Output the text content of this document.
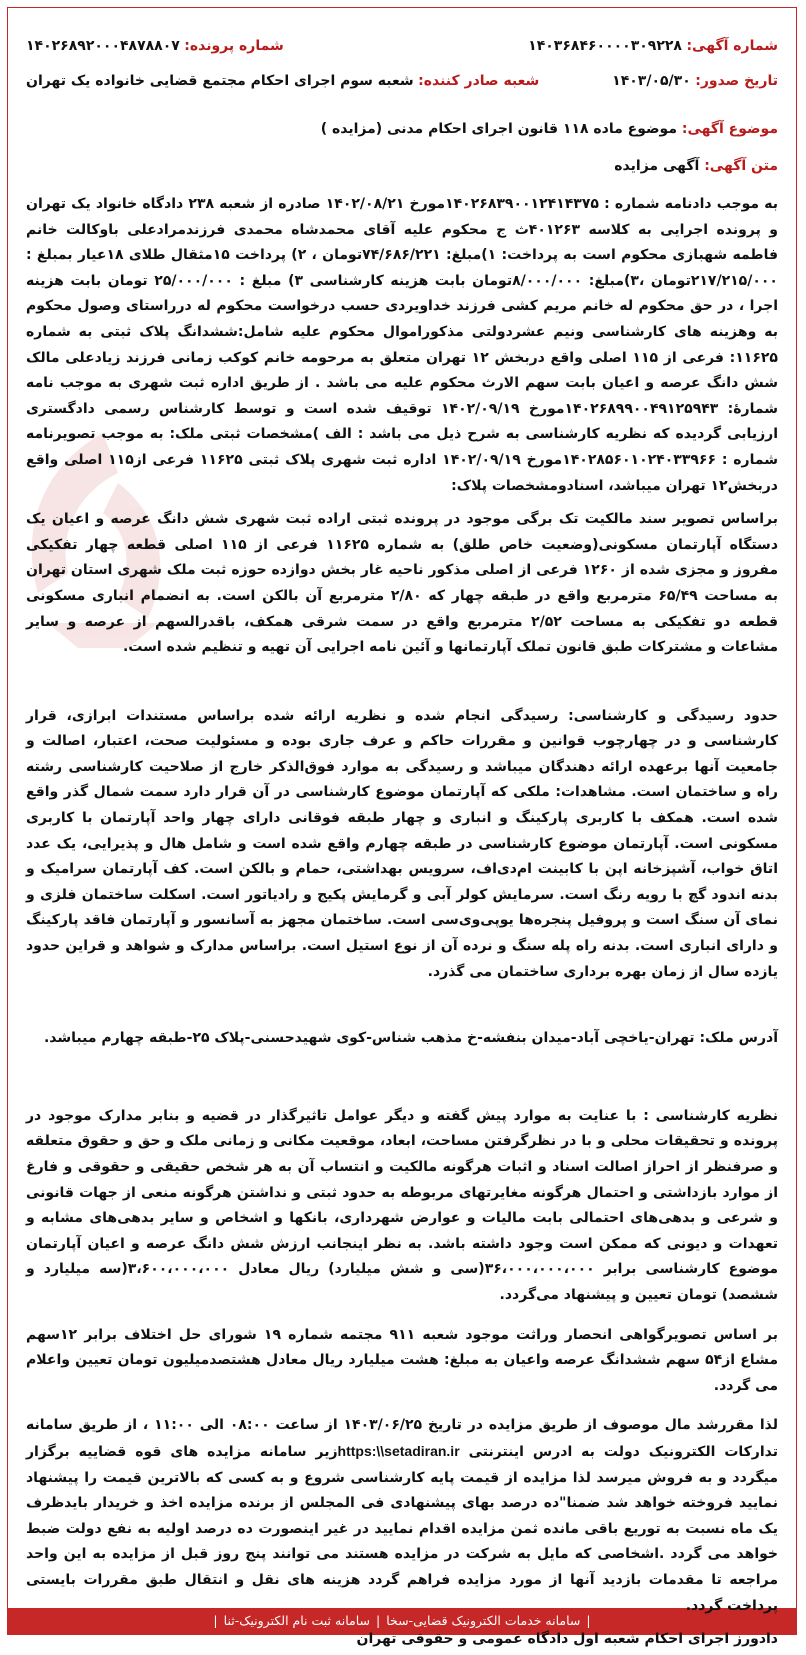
شماره آگهی: ۱۴۰۳۶۸۴۶۰۰۰۰۳۰۹۲۲۸
شماره پرونده: ۱۴۰۲۶۸۹۲۰۰۰۴۸۷۸۸۰۷
تاریخ صدور: ۱۴۰۳/۰۵/۳۰
شعبه صادر کننده: شعبه سوم اجرای احکام مجتمع قضایی خانواده یک تهران
موضوع آگهی: موضوع ماده ۱۱۸ قانون اجرای احکام مدنی (مزایده )
متن آگهی: آگهی مزایده

به موجب دادنامه شماره : ۱۴۰۲۶۸۳۹۰۰۱۲۴۱۴۳۷۵مورخ ۱۴۰۲/۰۸/۲۱ صادره از شعبه ۲۳۸ دادگاه خانواد یک تهران و پرونده اجرایی به کلاسه ۴۰۱۲۶۳ث ج محکوم علیه آقای محمدشاه محمدی فرزندمرادعلی باوکالت خانم فاطمه شهبازی محکوم است به پرداخت: ۱)مبلغ: ۷۴/۶۸۶/۲۲۱تومان ، ۲) پرداخت ۱۵مثقال طلای ۱۸عیار بمبلغ : ۲۱۷/۲۱۵/۰۰۰تومان ،۳)مبلغ: ۸/۰۰۰/۰۰۰تومان بابت هزینه کارشناسی ۳) مبلغ : ۲۵/۰۰۰/۰۰۰ تومان بابت هزینه اجرا ، در حق محکوم له خانم مریم کشی فرزند خداویردی حسب درخواست محکوم له درراستای وصول محکوم به وهزینه های کارشناسی ونیم عشردولتی مذکوراموال محکوم علیه شامل:ششدانگ پلاک ثبتی به شماره ۱۱۶۲۵: فرعی از ۱۱۵ اصلی واقع دربخش ۱۲ تهران متعلق به مرحومه خانم کوکب زمانی فرزند زیادعلی مالک شش دانگ عرصه و اعیان بابت سهم الارث محکوم علیه می باشد . از طریق اداره ثبت شهری به موجب نامه شمارۀ: ۱۴۰۲۶۸۹۹۰۰۴۹۱۲۵۹۴۳مورخ ۱۴۰۲/۰۹/۱۹ توقیف شده است و توسط کارشناس رسمی دادگستری ارزیابی گردیده که نظریه کارشناسی به شرح ذیل می باشد : الف )مشخصات ثبتی ملک: به موجب تصویرنامه شماره : ۱۴۰۲۸۵۶۰۱۰۲۴۰۳۳۹۶۶مورخ ۱۴۰۲/۰۹/۱۹ اداره ثبت شهری پلاک ثبتی ۱۱۶۲۵ فرعی از۱۱۵ اصلی واقع دربخش۱۲ تهران میباشد، اسنادومشخصات پلاک:

براساس تصویر سند مالکیت تک برگی موجود در پرونده ثبتی اراده ثبت شهری شش دانگ عرصه و اعیان یک دستگاه آپارتمان مسکونی(وضعیت خاص طلق) به شماره ۱۱۶۲۵ فرعی از ۱۱۵ اصلی قطعه چهار تفکیکی مفروز و مجزی شده از ۱۲۶۰ فرعی از اصلی مذکور ناحیه غار بخش دوازده حوزه ثبت ملک شهری استان تهران به مساحت ۶۵/۴۹ مترمربع واقع در طبقه چهار که ۲/۸۰ مترمربع آن بالکن است. به انضمام انباری مسکونی قطعه دو تفکیکی به مساحت ۲/۵۲ مترمربع واقع در سمت شرقی همکف، باقدرالسهم از عرصه و سایر مشاعات و مشترکات طبق قانون تملک آپارتمانها و آئین نامه اجرایی آن تهیه و تنظیم شده است.

حدود رسیدگی و کارشناسی: رسیدگی انجام شده و نظریه ارائه شده براساس مستندات ابرازی، قرار کارشناسی و در چهارچوب قوانین و مقررات حاکم و عرف جاری بوده و مسئولیت صحت، اعتبار، اصالت و جامعیت آنها برعهده ارائه دهندگان میباشد و رسیدگی به موارد فوق‌الذکر خارج از صلاحیت کارشناسی رشته راه و ساختمان است. مشاهدات: ملکی که آپارتمان موضوع کارشناسی در آن قرار دارد سمت شمال گذر واقع شده است. همکف با کاربری پارکینگ و انباری و چهار طبقه فوقانی دارای چهار واحد آپارتمان با کاربری مسکونی است. آپارتمان موضوع کارشناسی در طبقه چهارم واقع شده است و شامل هال و پذیرایی، یک عدد اتاق خواب، آشپزخانه اپن با کابینت ام‌دی‌اف، سرویس بهداشتی، حمام و بالکن است. کف آپارتمان سرامیک و بدنه اندود گچ با رویه رنگ است. سرمایش کولر آبی و گرمایش پکیج و رادیاتور است. اسکلت ساختمان فلزی و نمای آن سنگ است و پروفیل پنجره‌ها یوپی‌وی‌سی است. ساختمان مجهز به آسانسور و آپارتمان فاقد پارکینگ و دارای انباری است. بدنه راه پله سنگ و نرده آن از نوع استیل است. براساس مدارک و شواهد و قراین حدود یازده سال از زمان بهره برداری ساختمان می گذرد.

آدرس ملک: تهران-یاخچی آباد-میدان بنفشه-خ مذهب شناس-کوی شهیدحسنی-پلاک ۲۵-طبقه چهارم میباشد.

نظریه کارشناسی : با عنایت به موارد پیش گفته و دیگر عوامل تاثیرگذار در قضیه و بنابر مدارک موجود در پرونده و تحقیقات محلی و با در نظرگرفتن مساحت، ابعاد، موقعیت مکانی و زمانی ملک و حق و حقوق متعلقه و صرفنظر از احراز اصالت اسناد و اثبات هرگونه مالکیت و انتساب آن به هر شخص حقیقی و حقوقی و فارغ از موارد بازداشتی و احتمال هرگونه مغایرتهای مربوطه به حدود ثبتی و نداشتن هرگونه منعی از جهات قانونی و شرعی و بدهی‌های احتمالی بابت مالیات و عوارض شهرداری، بانکها و اشخاص و سایر بدهی‌های مشابه و تعهدات و دیونی که ممکن است وجود داشته باشد. به نظر اینجانب ارزش شش دانگ عرصه و اعیان آپارتمان موضوع کارشناسی برابر ۳۶،۰۰۰،۰۰۰،۰۰۰(سی و شش میلیارد) ریال معادل ۳،۶۰۰،۰۰۰،۰۰۰(سه میلیارد و ششصد) تومان تعیین و پیشنهاد می‌گردد.

بر اساس تصویرگواهی انحصار وراثت موجود شعبه ۹۱۱ مجتمه شماره ۱۹ شورای حل اختلاف برابر ۱۲سهم مشاع از۵۴ سهم ششدانگ عرصه واعیان به مبلغ: هشت میلیارد ریال معادل هشتصدمیلیون تومان تعیین واعلام می گردد.

لذا مقررشد مال موصوف از طریق مزایده در تاریخ ۱۴۰۳/۰۶/۲۵ از ساعت ۰۸:۰۰ الی ۱۱:۰۰ ، از طریق سامانه تدارکات الکترونیک دولت به ادرس اینترنتی https:\\setadiran.irزیر سامانه مزایده های قوه قضاییه برگزار میگردد و به فروش میرسد لذا مزایده از قیمت پایه کارشناسی شروع و به کسی که بالاترین قیمت را پیشنهاد نمایید فروخته خواهد شد ضمنا"ده درصد بهای پیشنهادی فی المجلس از برنده مزایده اخذ و خریدار بایدظرف یک ماه نسبت به توریع باقی مانده ثمن مزایده اقدام نمایید در غیر اینصورت ده درصد اولیه به نفع دولت ضبط خواهد می گردد .اشخاصی که مایل به شرکت در مزایده هستند می توانند پنج روز قبل از مزایده به این واحد مراجعه تا مقدمات بازدید آنها از مورد مزایده فراهم گردد هزینه های نقل و انتقال طبق مقررات بایستی پرداخت گردد.

دادورز اجرای احکام شعبه اول دادگاه عمومی و حقوقی تهران

|
سامانه خدمات الکترونیک قضایی-سخا
|
سامانه ثبت نام الکترونیک-ثنا
|
